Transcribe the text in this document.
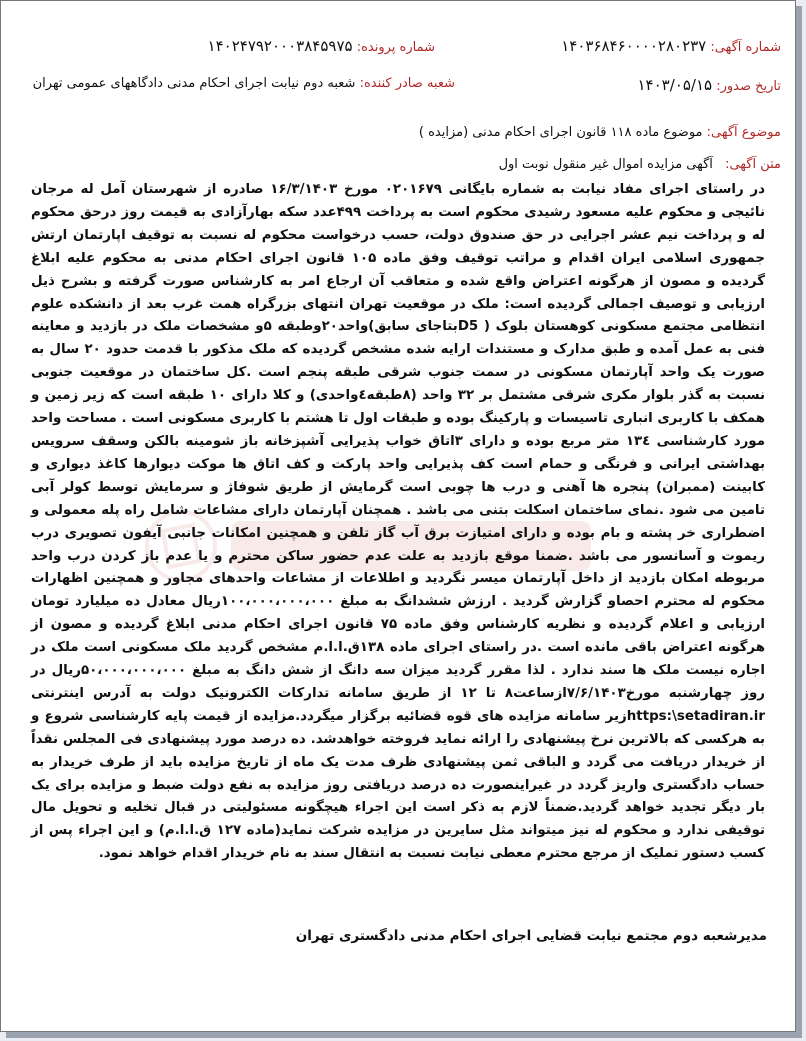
شماره آگهی: ۱۴۰۳۶۸۴۶۰۰۰۰۲۸۰۲۳۷
شماره پرونده: ۱۴۰۲۴۷۹۲۰۰۰۳۸۴۵۹۷۵
تاریخ صدور: ۱۴۰۳/۰۵/۱۵
شعبه صادر کننده: شعبه دوم نیابت اجرای احکام مدنی دادگاههای عمومی تهران
موضوع آگهی: موضوع ماده ۱۱۸ قانون اجرای احکام مدنی (مزایده )
متن آگهی: آگهی مزایده اموال غیر منقول نوبت اول

در راستای اجرای مفاد نیابت به شماره بایگانی ۰۲۰۱۶۷۹ مورخ ۱۶/۳/۱۴۰۳ صادره از شهرستان آمل له مرجان نائیجی و محکوم علیه مسعود رشیدی محکوم است به پرداخت ۴۹۹عدد سکه بهارآزادی به قیمت روز درحق محکوم له و پرداخت نیم عشر اجرایی در حق صندوق دولت، حسب درخواست محکوم له نسبت به توقیف اپارتمان ارتش جمهوری اسلامی ایران اقدام و مراتب توقیف وفق ماده ۱۰۵ قانون اجرای احکام مدنی به محکوم علیه ابلاغ گردیده و مصون از هرگونه اعتراض واقع شده و متعاقب آن ارجاع امر به کارشناس صورت گرفته و بشرح ذیل ارزیابی و توصیف اجمالی گردیده است: ملک در موقعیت تهران انتهای بزرگراه همت غرب بعد از دانشکده علوم انتظامی مجتمع مسکونی کوهستان بلوک ( D5بتاجای سابق)واحد۲۰وطبقه ۵و مشخصات ملک در بازدید و معاینه فنی به عمل آمده و طبق مدارک و مستندات ارایه شده مشخص گردیده که ملک مذکور با قدمت حدود ۲۰ سال به صورت یک واحد آپارتمان مسکونی در سمت جنوب شرقی طبقه پنجم است .کل ساختمان در موقعیت جنوبی نسبت به گذر بلوار مکری شرقی مشتمل بر ۳۲ واحد (۸طبقه٤واحدی) و کلا دارای ۱۰ طبقه است که زیر زمین و همکف با کاربری انباری تاسیسات و پارکینگ بوده و طبقات اول تا هشتم با کاربری مسکونی است . مساحت واحد مورد کارشناسی ۱۳٤ متر مربع بوده و دارای ۳اتاق خواب پذیرایی آشپزخانه باز شومینه بالکن وسقف سرویس بهداشتی ایرانی و فرنگی و حمام است کف پذیرایی واحد پارکت و کف اتاق ها موکت دیوارها کاغذ دیواری و کابینت (ممبران) پنجره ها آهنی و درب ها چوبی است گرمایش از طریق شوفاژ و سرمایش توسط کولر آبی تامین می شود .نمای ساختمان اسکلت بتنی می باشد . همچنان آپارتمان دارای مشاعات شامل راه پله معمولی و اضطراری خر پشته و بام بوده و دارای امتیازت برق آب گاز تلفن و همچنین امکانات جانبی آیفون تصویری درب ریموت و آسانسور می باشد .ضمنا موقع بازدید به علت عدم حضور ساکن محترم و یا عدم باز کردن درب واحد مربوطه امکان بازدید از داخل آپارتمان میسر نگردید و اطلاعات از مشاعات واحدهای مجاور و همچنین اظهارات محکوم له محترم احصاو گزارش گردید . ارزش ششدانگ به مبلغ ۱۰۰،۰۰۰،۰۰۰،۰۰۰ریال معادل ده میلیارد تومان ارزیابی و اعلام گردیده و نظریه کارشناس وفق ماده ۷۵ قانون اجرای احکام مدنی ابلاغ گردیده و مصون از هرگونه اعتراض باقی مانده است .در راستای اجرای ماده ۱۳۸ق.ا.ا.م مشخص گردید ملک مسکونی است ملک در اجاره نیست ملک ها سند ندارد . لذا مقرر گردید میزان سه دانگ از شش دانگ به مبلغ ۵۰،۰۰۰،۰۰۰،۰۰۰ریال در روز چهارشنبه مورخ۷/۶/۱۴۰۳ازساعت۸ تا ۱۲ از طریق سامانه تدارکات الکترونیک دولت به آدرس اینترنتی https:\setadiran.irزیر سامانه مزایده های قوه قضائیه برگزار میگردد.مزایده از قیمت پایه کارشناسی شروع و به هرکسی که بالاترین نرخ پیشنهادی را ارائه نماید فروخته خواهدشد. ده درصد مورد پیشنهادی فی المجلس نقداً از خریدار دریافت می گردد و الباقی ثمن پیشنهادی ظرف مدت یک ماه از تاریخ مزایده باید از طرف خریدار به حساب دادگستری واریز گردد در غیراینصورت ده درصد دریافتی روز مزایده به نفع دولت ضبط و مزایده برای یک بار دیگر تجدید خواهد گردید.ضمناً لازم به ذکر است این اجراء هیچگونه مسئولیتی در قبال تخلیه و تحویل مال توقیفی ندارد و محکوم له نیز میتواند مثل سایرین در مزایده شرکت نماید(ماده ۱۲۷ ق.ا.ا.م) و این اجراء پس از کسب دستور تملیک از مرجع محترم معطی نیابت نسبت به انتقال سند به نام خریدار اقدام خواهد نمود.

مدیرشعبه دوم مجتمع نیابت قضایی اجرای احکام مدنی دادگستری تهران
